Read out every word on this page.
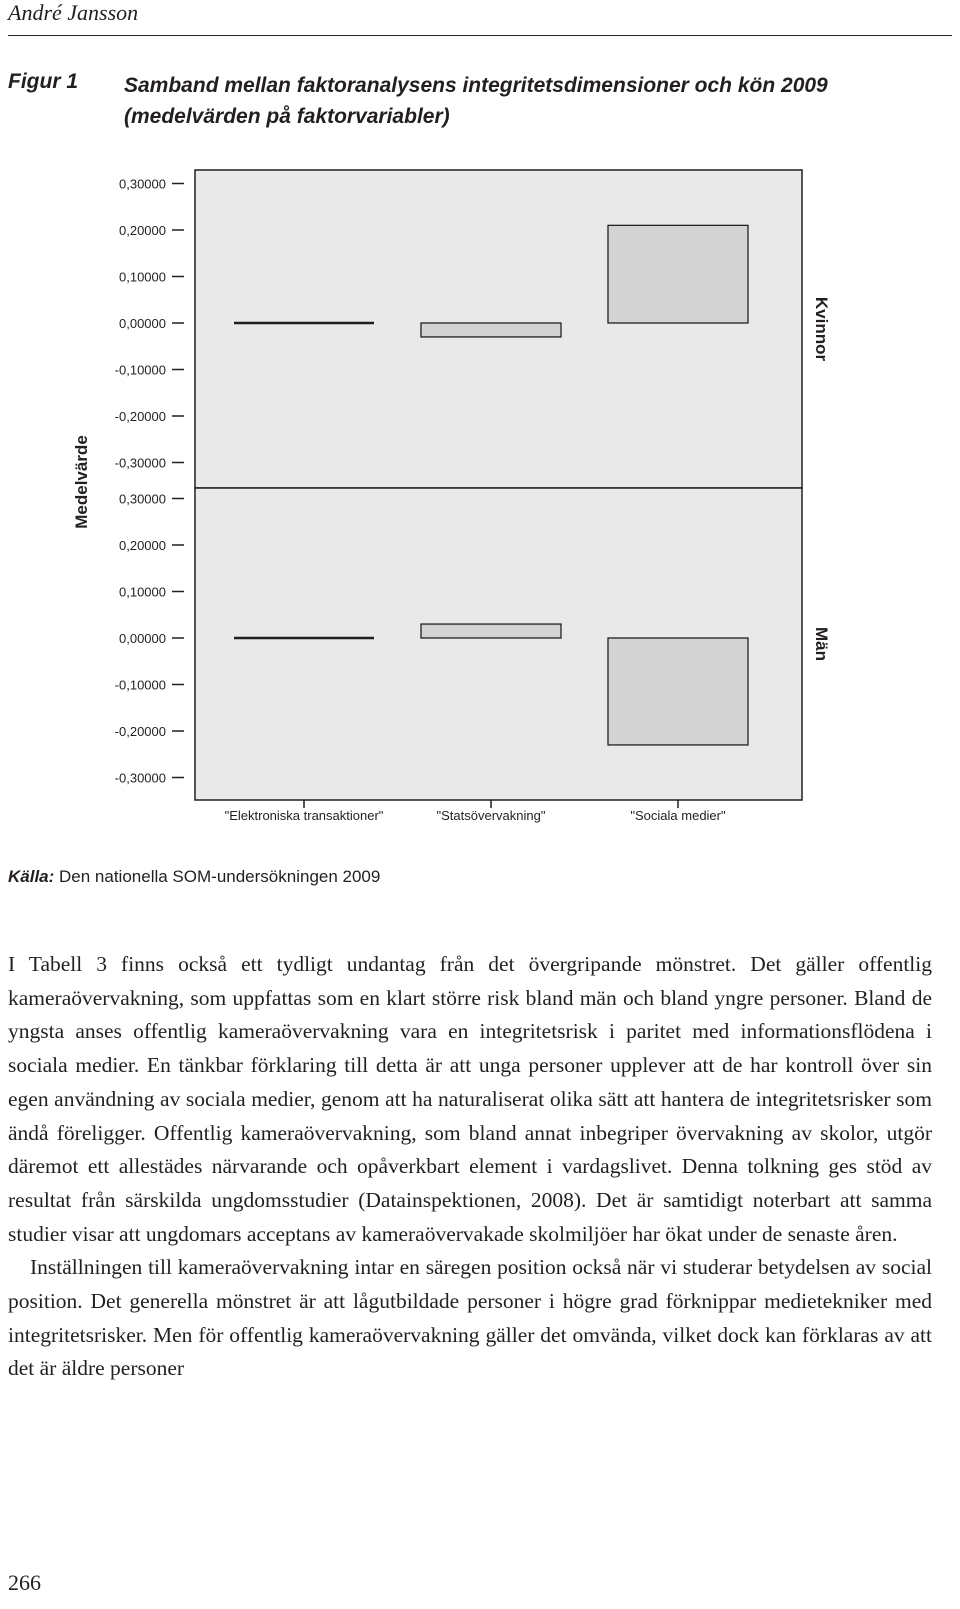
André Jansson
Figur 1 Samband mellan faktoranalysens integritetsdimensioner och kön 2009 (medelvärden på faktorvariabler)
0,30000
0,20000
0,10000
0,00000
-0,10000
-0,20000
-0,30000
Kvinnor
0,30000
0,20000
0,10000
0,00000
-0,10000
-0,20000
-0,30000
Män
Medelvärde
"Elektroniska transaktioner"	"Statsövervakning"	"Sociala medier"
Källa: Den nationella SOM-undersökningen 2009

I Tabell 3 finns också ett tydligt undantag från det övergripande mönstret. Det gäller offentlig kameraövervakning, som uppfattas som en klart större risk bland män och bland yngre personer. Bland de yngsta anses offentlig kameraövervakning vara en integritetsrisk i paritet med informationsflödena i sociala medier. En tänkbar förklaring till detta är att unga personer upplever att de har kontroll över sin egen användning av sociala medier, genom att ha naturaliserat olika sätt att hantera de integritetsrisker som ändå föreligger. Offentlig kameraövervakning, som bland annat inbegriper övervakning av skolor, utgör däremot ett allestädes närvarande och opåverkbart element i vardagslivet. Denna tolkning ges stöd av resultat från särskilda ungdomsstudier (Datainspektionen, 2008). Det är samtidigt noterbart att samma studier visar att ungdomars acceptans av kameraövervakade skolmiljöer har ökat under de senaste åren.

Inställningen till kameraövervakning intar en säregen position också när vi studerar betydelsen av social position. Det generella mönstret är att lågutbildade personer i högre grad förknippar medietekniker med integritetsrisker. Men för offentlig kameraövervakning gäller det omvända, vilket dock kan förklaras av att det är äldre personer

266
